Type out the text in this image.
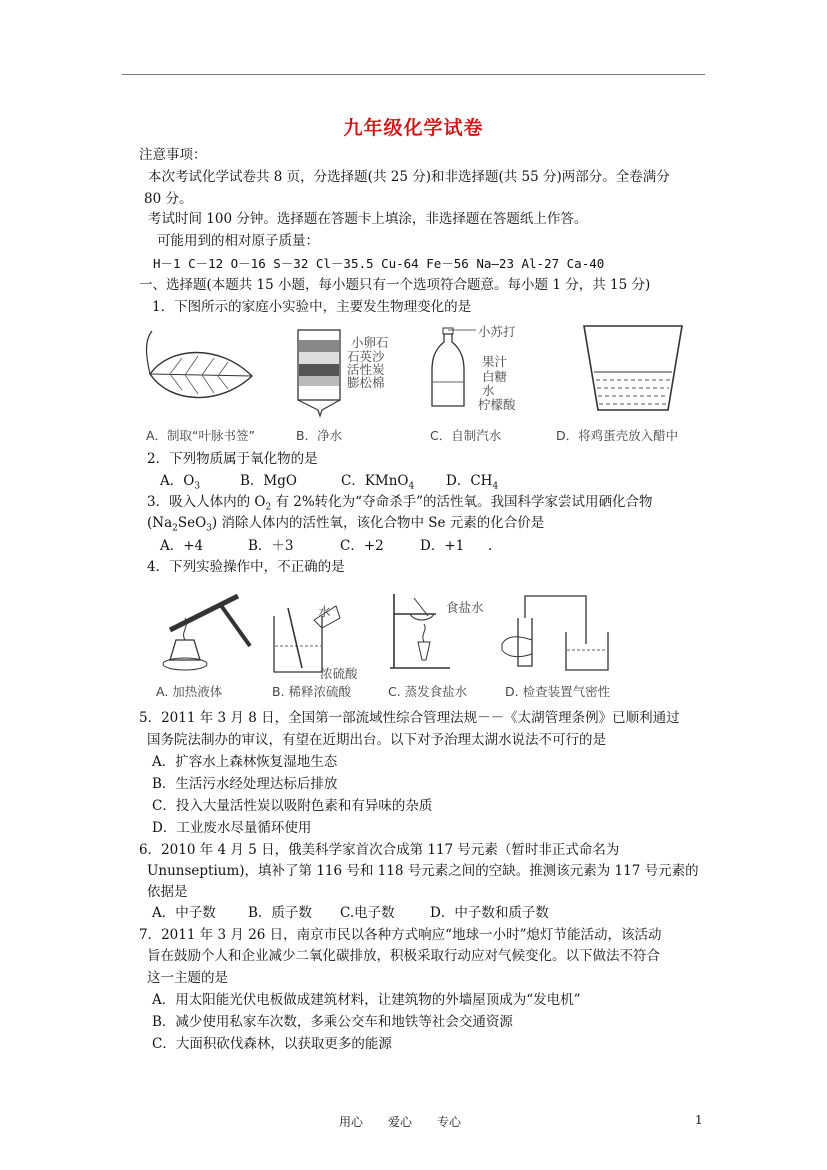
九年级化学试卷
注意事项：
本次考试化学试卷共 8 页，分选择题(共 25 分)和非选择题(共 55 分)两部分。全卷满分
80 分。
考试时间 100 分钟。选择题在答题卡上填涂，非选择题在答题纸上作答。
可能用到的相对原子质量：
H－1 C－12 O－16 S－32 Cl－35.5 Cu-64 Fe－56 Na—23 Al-27 Ca-40
一、选择题(本题共 15 小题，每小题只有一个选项符合题意。每小题 1 分，共 15 分)
1．下图所示的家庭小实验中，主要发生物理变化的是
小卵石
石英沙
活性炭
膨松棉
小苏打
果汁
白糖
水
柠檬酸
A．制取“叶脉书签”	B．净水	C．自制汽水	D．将鸡蛋壳放入醋中
2．下列物质属于氧化物的是
A．$O_3$	B．MgO	C．KMnO$_4$ D．$CH_4$
3．吸入人体内的 $O_2$ 有 2%转化为“夺命杀手”的活性氧。我国科学家尝试用硒化合物
$(Na_2SeO_3)$ 消除人体内的活性氧，该化合物中 Se 元素的化合价是
A．+4	B．＋3	C．+2	D．+1 .
4．下列实验操作中，不正确的是
水
浓硫酸
食盐水
A. 加热液体	B. 稀释浓硫酸	C. 蒸发食盐水	D. 检查装置气密性
5．2011 年 3 月 8 日，全国第一部流域性综合管理法规－－《太湖管理条例》已顺利通过
国务院法制办的审议，有望在近期出台。以下对予治理太湖水说法不可行的是
A．扩容水上森林恢复湿地生态
B．生活污水经处理达标后排放
C．投入大量活性炭以吸附色素和有异味的杂质
D．工业废水尽量循环使用
6．2010 年 4 月 5 日，俄美科学家首次合成第 117 号元素（暂时非正式命名为
Ununseptium)，填补了第 116 号和 118 号元素之间的空缺。推测该元素为 117 号元素的
依据是
A．中子数 B．质子数 C.电子数	D．中子数和质子数
7．2011 年 3 月 26 日，南京市民以各种方式响应“地球一小时”熄灯节能活动，该活动
旨在鼓励个人和企业减少二氧化碳排放，积极采取行动应对气候变化。以下做法不符合
这一主题的是
A．用太阳能光伏电板做成建筑材料，让建筑物的外墙屋顶成为“发电机”
B．减少使用私家车次数，多乘公交车和地铁等社会交通资源
C．大面积砍伐森林，以获取更多的能源
用心 爱心 专心	1
